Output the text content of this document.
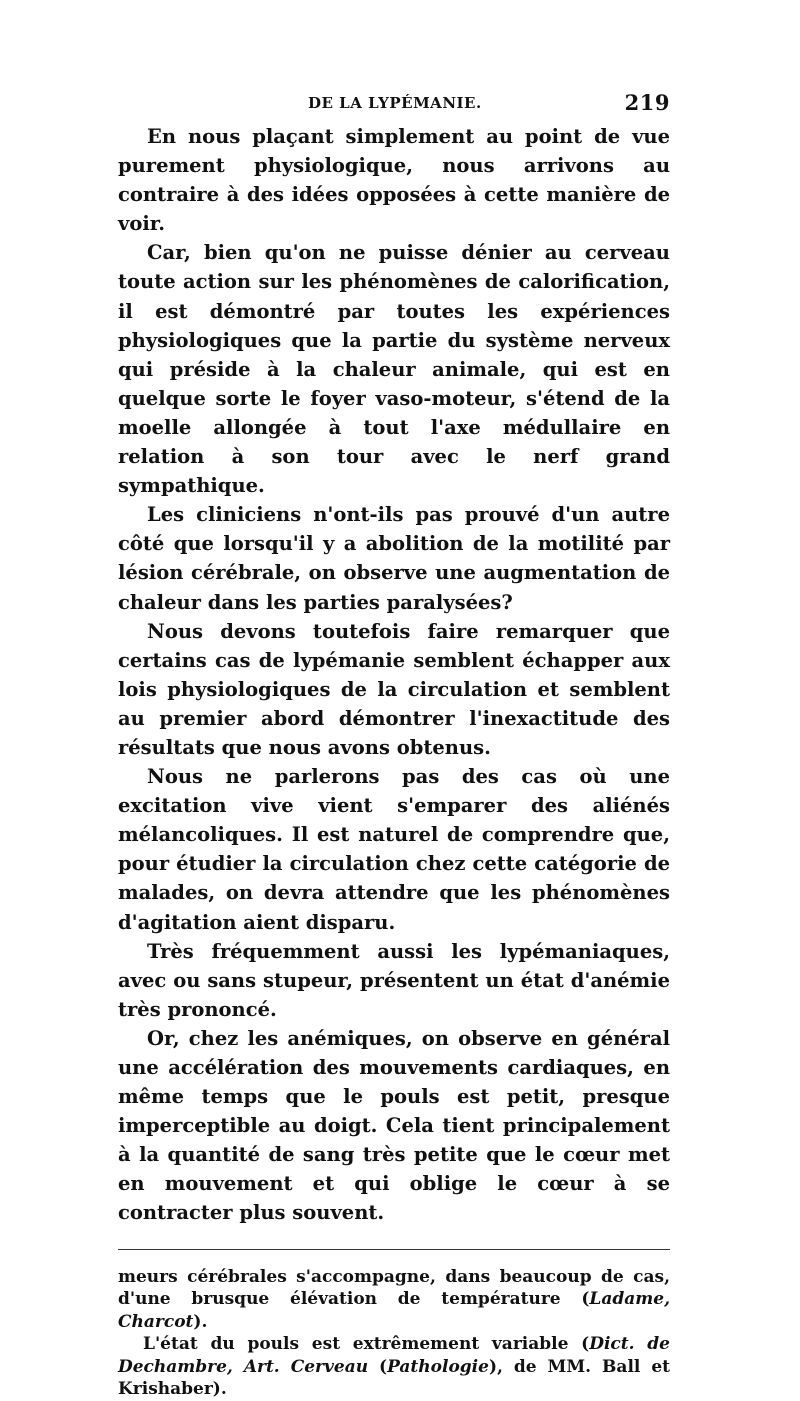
DE LA LYPÉMANIE.	219

En nous plaçant simplement au point de vue purement physiologique, nous arrivons au contraire à des idées opposées à cette manière de voir.

Car, bien qu'on ne puisse dénier au cerveau toute action sur les phénomènes de calorification, il est démontré par toutes les expériences physiologiques que la partie du système nerveux qui préside à la chaleur animale, qui est en quelque sorte le foyer vaso-moteur, s'étend de la moelle allongée à tout l'axe médullaire en relation à son tour avec le nerf grand sympathique.

Les cliniciens n'ont-ils pas prouvé d'un autre côté que lorsqu'il y a abolition de la motilité par lésion cérébrale, on observe une augmentation de chaleur dans les parties paralysées?

Nous devons toutefois faire remarquer que certains cas de lypémanie semblent échapper aux lois physiologiques de la circulation et semblent au premier abord démontrer l'inexactitude des résultats que nous avons obtenus.

Nous ne parlerons pas des cas où une excitation vive vient s'emparer des aliénés mélancoliques. Il est naturel de comprendre que, pour étudier la circulation chez cette catégorie de malades, on devra attendre que les phénomènes d'agitation aient disparu.

Très fréquemment aussi les lypémaniaques, avec ou sans stupeur, présentent un état d'anémie très prononcé.

Or, chez les anémiques, on observe en général une accélération des mouvements cardiaques, en même temps que le pouls est petit, presque imperceptible au doigt. Cela tient principalement à la quantité de sang très petite que le cœur met en mouvement et qui oblige le cœur à se contracter plus souvent.

meurs cérébrales s'accompagne, dans beaucoup de cas, d'une brusque élévation de température (Ladame, Charcot).

L'état du pouls est extrêmement variable (Dict. de Dechambre, Art. Cerveau (Pathologie), de MM. Ball et Krishaber).
